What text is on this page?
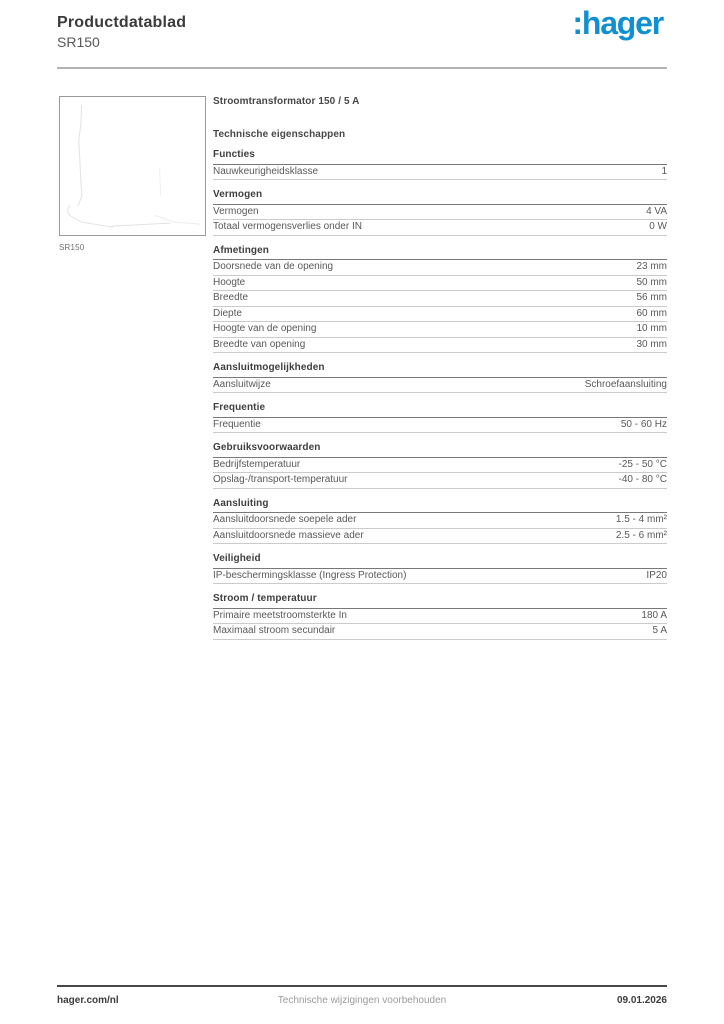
Productdatablad
SR150
:hager
SR150
Stroomtransformator 150 / 5 A
Technische eigenschappen
Functies
Nauwkeurigheidsklasse	1
Vermogen
Vermogen	4 VA
Totaal vermogensverlies onder IN	0 W
Afmetingen
Doorsnede van de opening	23 mm
Hoogte	50 mm
Breedte	56 mm
Diepte	60 mm
Hoogte van de opening	10 mm
Breedte van opening	30 mm
Aansluitmogelijkheden
Aansluitwijze	Schroefaansluiting
Frequentie
Frequentie	50 - 60 Hz
Gebruiksvoorwaarden
Bedrijfstemperatuur	-25 - 50 °C
Opslag-/transport-temperatuur	-40 - 80 °C
Aansluiting
Aansluitdoorsnede soepele ader	1.5 - 4 mm²
Aansluitdoorsnede massieve ader	2.5 - 6 mm²
Veiligheid
IP-beschermingsklasse (Ingress Protection)	IP20
Stroom / temperatuur
Primaire meetstroomsterkte In	180 A
Maximaal stroom secundair	5 A
hager.com/nl	Technische wijzigingen voorbehouden	09.01.2026
